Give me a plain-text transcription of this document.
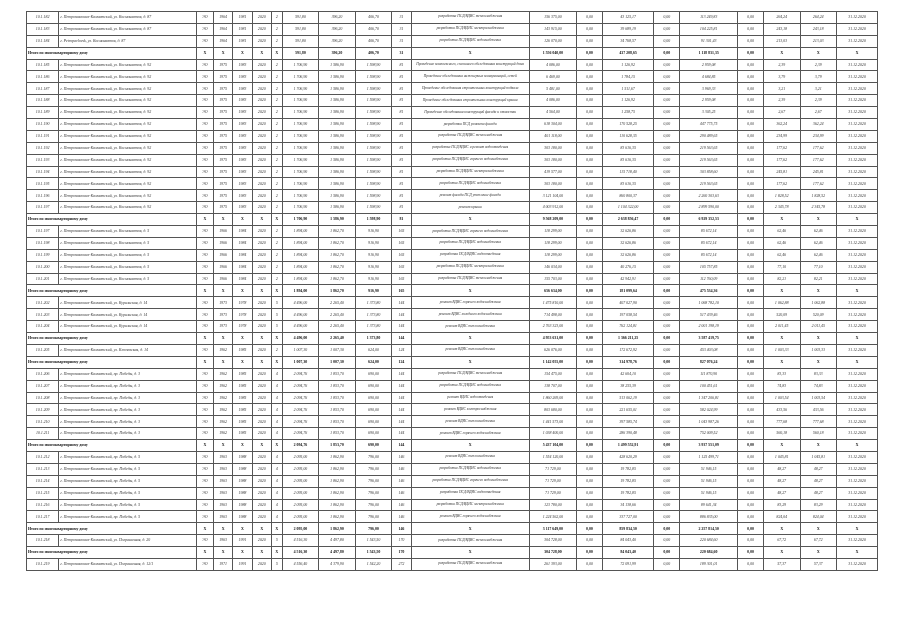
10.1.182	г. Петропавловск-Камчатский, ул. Космонавтов, д. 87	ЭО	1964	1981	2020	2	591,80	396,20	406,70	31	разработка ПСД/ВДИС теплоснабжения	156 375,00	0,00	43 125,17	0,00	113 249,83	0,00	264,24	264,24	31.12.2020
10.1.183	г. Петропавловск-Камчатский, ул. Космонавтов, д. 87	ЭО	1964	1981	2020	2	591,80	396,20	406,70	31	разработка ПСД/ВДИС электроснабжения	143 915,00	0,00	39 689,19	0,00	104 225,81	0,00	243,18	243,18	31.12.2020
10.1.184	г. Petropavlovsk, ул. Космонавтов, д. 87	ЭО	1964	1981	2020	2	591,80	396,20	406,70	31	разработка ПСД/ВДИС водоснабжения	126 070,00	0,00	34 768,57	0,00	91 301,43	0,00	213,03	213,03	31.12.2020
Итого по многоквартирному дому		X	X	X	X	X	591,80	396,20	406,70	31	X	1 556 040,00	0,00	437 208,65	0,00	1 118 831,35	0,00	X	X	X
10.1.185	г. Петропавловск-Камчатский, ул. Космонавтов, д. 92	ЭО	1975	1983	2020	2	1 706,90	1 586,90	1 598,90	81	Проведение комплексного, сплошного обследования конструкций дома	4 086,00	0,00	1 126,92	0,00	2 959,08	0,00	2,39	2,39	31.12.2020
10.1.186	г. Петропавловск-Камчатский, ул. Космонавтов, д. 92	ЭО	1975	1983	2020	2	1 706,90	1 586,90	1 598,90	81	Проведение обследования инженерных коммуникаций, сетей	6 469,00	0,00	1 784,15	0,00	4 684,85	0,00	3,79	3,79	31.12.2020
10.1.187	г. Петропавловск-Камчатский, ул. Космонавтов, д. 92	ЭО	1975	1983	2020	2	1 706,90	1 586,90	1 598,90	81	Проведение обследования строительных конструкций подвала	5 481,00	0,00	1 511,67	0,00	3 969,33	0,00	3,21	3,21	31.12.2020
10.1.188	г. Петропавловск-Камчатский, ул. Космонавтов, д. 92	ЭО	1975	1983	2020	2	1 706,90	1 586,90	1 598,90	81	Проведение обследования строительных конструкций крыши	4 086,00	0,00	1 126,92	0,00	2 959,08	0,00	2,39	2,39	31.12.2020
10.1.189	г. Петропавловск-Камчатский, ул. Космонавтов, д. 92	ЭО	1975	1983	2020	2	1 706,90	1 586,90	1 598,90	81	Проведение обследования конструкций фасада и отмостки	4 564,00	0,00	1 258,75	0,00	3 305,25	0,00	2,67	2,67	31.12.2020
10.1.190	г. Петропавловск-Камчатский, ул. Космонавтов, д. 92	ЭО	1975	1983	2020	2	1 706,90	1 586,90	1 598,90	81	разработка ПСД ремонта фасада	618 304,00	0,00	170 528,25	0,00	447 775,75	0,00	362,24	362,24	31.12.2020
10.1.191	г. Петропавловск-Камчатский, ул. Космонавтов, д. 92	ЭО	1975	1983	2020	2	1 706,90	1 586,90	1 598,90	81	разработка ПСД/ВДИС теплоснабжения	401 118,00	0,00	110 628,35	0,00	290 489,65	0,00	234,99	234,99	31.12.2020
10.1.192	г. Петропавловск-Камчатский, ул. Космонавтов, д. 92	ЭО	1975	1983	2020	2	1 706,90	1 586,90	1 598,90	81	разработка ПСД/ВДИС и ремонт водоотведения	303 180,00	0,00	83 616,35	0,00	219 563,65	0,00	177,62	177,62	31.12.2020
10.1.193	г. Петропавловск-Камчатский, ул. Космонавтов, д. 92	ЭО	1975	1983	2020	2	1 706,90	1 586,90	1 598,90	81	разработка ПСД/ВДИС горячего водоснабжения	303 180,00	0,00	83 616,35	0,00	219 563,65	0,00	177,62	177,62	31.12.2020
10.1.194	г. Петропавловск-Камчатский, ул. Космонавтов, д. 92	ЭО	1975	1983	2020	2	1 706,90	1 586,90	1 598,90	81	разработка ПСД/ВДИС электроснабжения	419 577,00	0,00	115 718,40	0,00	303 858,60	0,00	245,81	245,81	31.12.2020
10.1.195	г. Петропавловск-Камчатский, ул. Космонавтов, д. 92	ЭО	1975	1983	2020	2	1 706,90	1 586,90	1 598,90	81	разработка ПСД/ВДИС водоснабжения	303 180,00	0,00	83 616,35	0,00	219 563,65	0,00	177,62	177,62	31.12.2020
10.1.196	г. Петропавловск-Камчатский, ул. Космонавтов, д. 92	ЭО	1975	1983	2020	2	1 706,90	1 586,90	1 598,90	81	ремонт фасада ПСД утепление фасада	3 121 104,00	0,00	860 800,37	0,00	2 260 303,63	0,00	1 828,52	1 828,52	31.12.2020
10.1.197	г. Петропавловск-Камчатский, ул. Космонавтов, д. 92	ЭО	1975	1983	2020	2	1 706,90	1 586,90	1 598,90	81	ремонт крыши	4 003 912,00	0,00	1 104 322,00	0,00	2 899 590,00	0,00	2 345,78	2 345,78	31.12.2020
Итого по многоквартирному дому		X	X	X	X	X	1 706,90	1 586,90	1 598,90	81	X	9 568 209,00	0,00	2 638 856,47	0,00	6 929 352,53	0,00	X	X	X
10.1.197	г. Петропавловск-Камчатский, ул. Космонавтов, д. 5	ЭО	1966	1984	2020	2	1 894,00	1 862,70	916,90	165	разработка ПСД/ВДИС горячего водоснабжения	118 299,00	0,00	32 626,86	0,00	85 672,14	0,00	62,46	62,46	31.12.2020
10.1.198	г. Петропавловск-Камчатский, ул. Космонавтов, д. 5	ЭО	1966	1984	2020	2	1 894,00	1 862,70	916,90	165	разработка ПСД/ВДИС водоснабжения	118 299,00	0,00	32 626,86	0,00	85 672,14	0,00	62,46	62,46	31.12.2020
10.1.199	г. Петропавловск-Камчатский, ул. Космонавтов, д. 5	ЭО	1966	1984	2020	2	1 894,00	1 862,70	916,90	165	разработка ПСД/ВДИС водоотведения	118 299,00	0,00	32 626,86	0,00	85 672,14	0,00	62,46	62,46	31.12.2020
10.1.200	г. Петропавловск-Камчатский, ул. Космонавтов, д. 5	ЭО	1966	1984	2020	2	1 894,00	1 862,70	916,90	165	разработка ПСД/ВДИС электроснабжения	146 034,00	0,00	40 276,15	0,00	105 757,85	0,00	77,10	77,10	31.12.2020
10.1.201	г. Петропавловск-Камчатский, ул. Космонавтов, д. 5	ЭО	1966	1984	2020	2	1 894,00	1 862,70	916,90	165	разработка ПСД/ВДИС теплоснабжения	155 703,00	0,00	42 942,91	0,00	112 760,09	0,00	82,21	82,21	31.12.2020
Итого по многоквартирному дому		X	X	X	X	X	1 894,00	1 862,70	916,90	165	X	656 634,00	0,00	181 099,64	0,00	475 534,36	0,00	X	X	X
10.1.202	г. Петропавловск-Камчатский, ул. Курильская, д. 14	ЭО	1973	1978	2020	5	4 496,00	2 265,40	1 373,80	144	ремонт ВДИС горячего водоснабжения	1 475 810,00	0,00	407 027,90	0,00	1 068 782,10	0,00	1 062,88	1 062,88	31.12.2020
10.1.203	г. Петропавловск-Камчатский, ул. Курильская, д. 14	ЭО	1973	1978	2020	5	4 496,00	2 265,40	1 373,80	144	ремонт ВДИС холодного водоснабжения	714 498,00	0,00	197 058,54	0,00	517 439,46	0,00	520,09	520,09	31.12.2020
10.1.204	г. Петропавловск-Камчатский, ул. Курильская, д. 14	ЭО	1973	1978	2020	5	4 496,00	2 265,40	1 373,80	144	ремонт ВДИС теплоснабжения	2 763 323,00	0,00	762 124,81	0,00	2 001 198,19	0,00	2 011,45	2 011,45	31.12.2020
Итого по многоквартирному дому		X	X	X	X	X	4 496,00	2 265,40	1 373,80	144	X	4 953 631,00	0,00	1 366 211,25	0,00	3 587 419,75	0,00	X	X	X
10.1.205	г. Петропавловск-Камчатский, ул. Ключевская, д. 14	ЭО	1962	1985	2020	2	1 007,30	1 007,30	624,00	124	ремонт ВДИС теплоснабжения	626 076,00	0,00	172 672,92	0,00	453 403,08	0,00	1 003,33	1 003,33	31.12.2020
Итого по многоквартирному дому		X	X	X	X	X	1 007,30	1 007,30	624,00	124	X	1 142 055,00	0,00	314 978,76	0,00	827 076,24	0,00	X	X	X
10.1.206	г. Петропавловск-Камчатский, пр. Победы, д. 3	ЭО	1962	1985	2020	4	2 094,76	1 853,70	690,00	144	разработка ПСД/ВДИС теплоснабжения	154 475,00	0,00	42 604,10	0,00	111 870,90	0,00	83,33	83,33	31.12.2020
10.1.207	г. Петропавловск-Камчатский, пр. Победы, д. 3	ЭО	1962	1985	2020	4	2 094,76	1 853,70	690,00	144	разработка ПСД/ВДИС водоснабжения	138 707,00	0,00	38 255,39	0,00	100 451,61	0,00	74,83	74,83	31.12.2020
10.1.208	г. Петропавловск-Камчатский, пр. Победы, д. 3	ЭО	1962	1985	2020	4	2 094,76	1 853,70	690,00	144	ремонт ВДИС водоотведения	1 860 269,00	0,00	513 062,19	0,00	1 347 206,81	0,00	1 003,54	1 003,54	31.12.2020
10.1.209	г. Петропавловск-Камчатский, пр. Победы, д. 3	ЭО	1962	1985	2020	4	2 094,76	1 853,70	690,00	144	ремонт ВДИС электроснабжения	803 680,00	0,00	221 655,01	0,00	582 024,99	0,00	433,56	433,56	31.12.2020
10.1.210	г. Петропавловск-Камчатский, пр. Победы, д. 3	ЭО	1962	1985	2020	4	2 094,76	1 853,70	690,00	144	ремонт ВДИС теплоснабжения	1 441 573,00	0,00	397 585,74	0,00	1 043 987,26	0,00	777,68	777,68	31.12.2020
10.1.211	г. Петропавловск-Камчатский, пр. Победы, д. 3	ЭО	1962	1985	2020	4	2 094,76	1 853,70	690,00	144	ремонт ВДИС горячего водоснабжения	1 038 400,00	0,00	286 390,48	0,00	752 009,52	0,00	560,18	560,18	31.12.2020
Итого по многоквартирному дому		X	X	X	X	X	2 094,76	1 853,70	690,00	144	X	5 437 104,00	0,00	1 499 552,91	0,00	3 937 551,09	0,00	X	X	X
10.1.212	г. Петропавловск-Камчатский, пр. Победы, д. 5	ЭО	1963	1988	2020	4	2 095,00	1 862,90	796,00	146	ремонт ВДИС теплоснабжения	1 554 120,00	0,00	428 620,29	0,00	1 125 499,71	0,00	1 045,81	1 045,81	31.12.2020
10.1.213	г. Петропавловск-Камчатский, пр. Победы, д. 5	ЭО	1963	1988	2020	4	2 095,00	1 862,90	796,00	146	разработка ПСД/ВДИС водоснабжения	71 729,00	0,00	19 782,85	0,00	51 946,15	0,00	48,27	48,27	31.12.2020
10.1.214	г. Петропавловск-Камчатский, пр. Победы, д. 5	ЭО	1963	1988	2020	4	2 095,00	1 862,90	796,00	146	разработка ПСД/ВДИС горячего водоснабжения	71 729,00	0,00	19 782,85	0,00	51 946,15	0,00	48,27	48,27	31.12.2020
10.1.215	г. Петропавловск-Камчатский, пр. Победы, д. 5	ЭО	1963	1988	2020	4	2 095,00	1 862,90	796,00	146	разработка ПСД/ВДИС водоотведения	71 729,00	0,00	19 782,85	0,00	51 946,15	0,00	48,27	48,27	31.12.2020
10.1.216	г. Петропавловск-Камчатский, пр. Победы, д. 5	ЭО	1963	1988	2020	4	2 095,00	1 862,90	796,00	146	разработка ПСД/ВДИС электроснабжения	123 780,00	0,00	34 138,66	0,00	89 641,34	0,00	83,29	83,29	31.12.2020
10.1.217	г. Петропавловск-Камчатский, пр. Победы, д. 5	ЭО	1963	1988	2020	4	2 095,00	1 862,90	796,00	146	ремонт ВДИС горячего водоснабжения	1 224 562,00	0,00	337 727,00	0,00	886 835,00	0,00	824,04	824,04	31.12.2020
Итого по многоквартирному дому		X	X	X	X	X	2 095,00	1 862,90	796,00	146	X	3 117 649,00	0,00	859 834,50	0,00	2 257 814,50	0,00	X	X	X
10.1.218	г. Петропавловск-Камчатский, ул. Пограничная, д. 20	ЭО	1963	1991	2020	5	4 516,30	4 497,80	1 543,50	170	разработка ПСД/ВДИС теплоснабжения	304 728,00	0,00	84 043,40	0,00	220 684,60	0,00	67,72	67,72	31.12.2020
Итого по многоквартирному дому		X	X	X	X	X	4 516,30	4 497,80	1 543,50	170	X	304 728,00	0,00	84 043,40	0,00	220 684,60	0,00	X	X	X
10.1.219	г. Петропавловск-Камчатский, ул. Пограничная, д. 12/1	ЭО	1971	1991	2020	5	4 556,40	4 379,90	1 542,20	272	разработка ПСД/ВДИС теплоснабжения	261 393,00	0,00	72 091,99	0,00	189 301,01	0,00	57,37	57,37	31.12.2020
